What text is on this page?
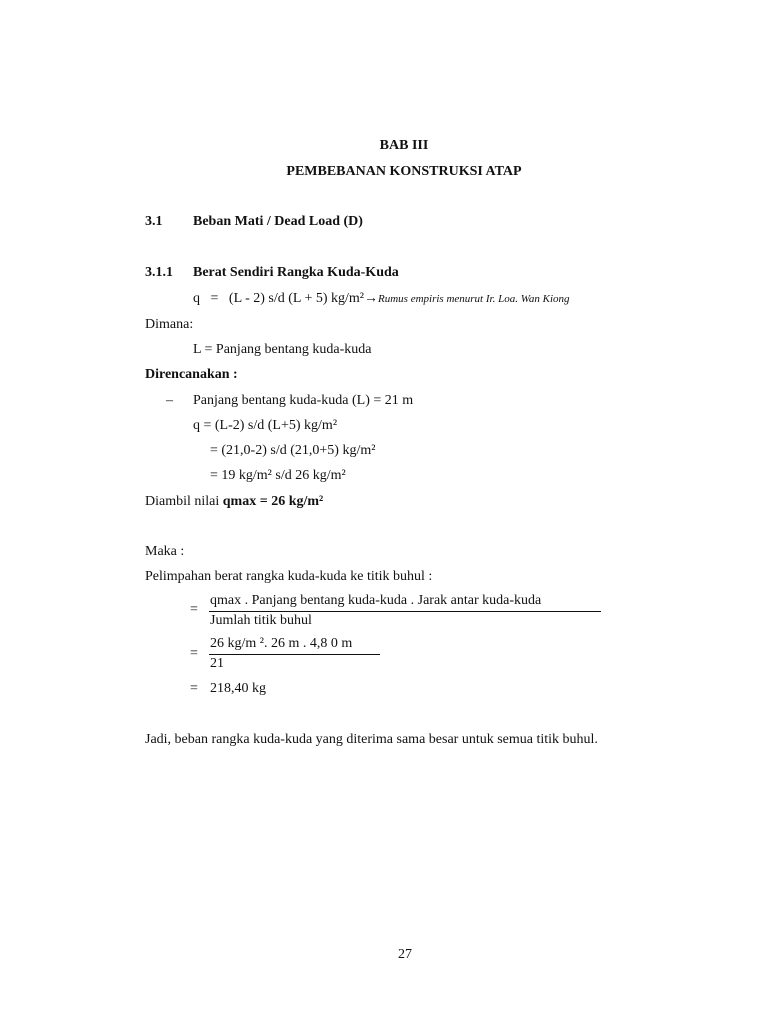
BAB III
PEMBEBANAN KONSTRUKSI ATAP
3.1 Beban Mati / Dead Load (D)
3.1.1 Berat Sendiri Rangka Kuda-Kuda
q = (L - 2) s/d (L + 5) kg/m²→Rumus empiris menurut Ir. Loa. Wan Kiong
Dimana:
L = Panjang bentang kuda-kuda
Direncanakan :
– Panjang bentang kuda-kuda (L) = 21 m
q = (L-2) s/d (L+5) kg/m²
= (21,0-2) s/d (21,0+5) kg/m²
= 19 kg/m² s/d 26 kg/m²
Diambil nilai qmax = 26 kg/m²
Maka :
Pelimpahan berat rangka kuda-kuda ke titik buhul :
=
qmax . Panjang bentang kuda-kuda . Jarak antar kuda-kuda
Jumlah titik buhul
=
26 kg/m ². 26 m . 4,8 0 m
21
= 218,40 kg
Jadi, beban rangka kuda-kuda yang diterima sama besar untuk semua titik buhul.
27
